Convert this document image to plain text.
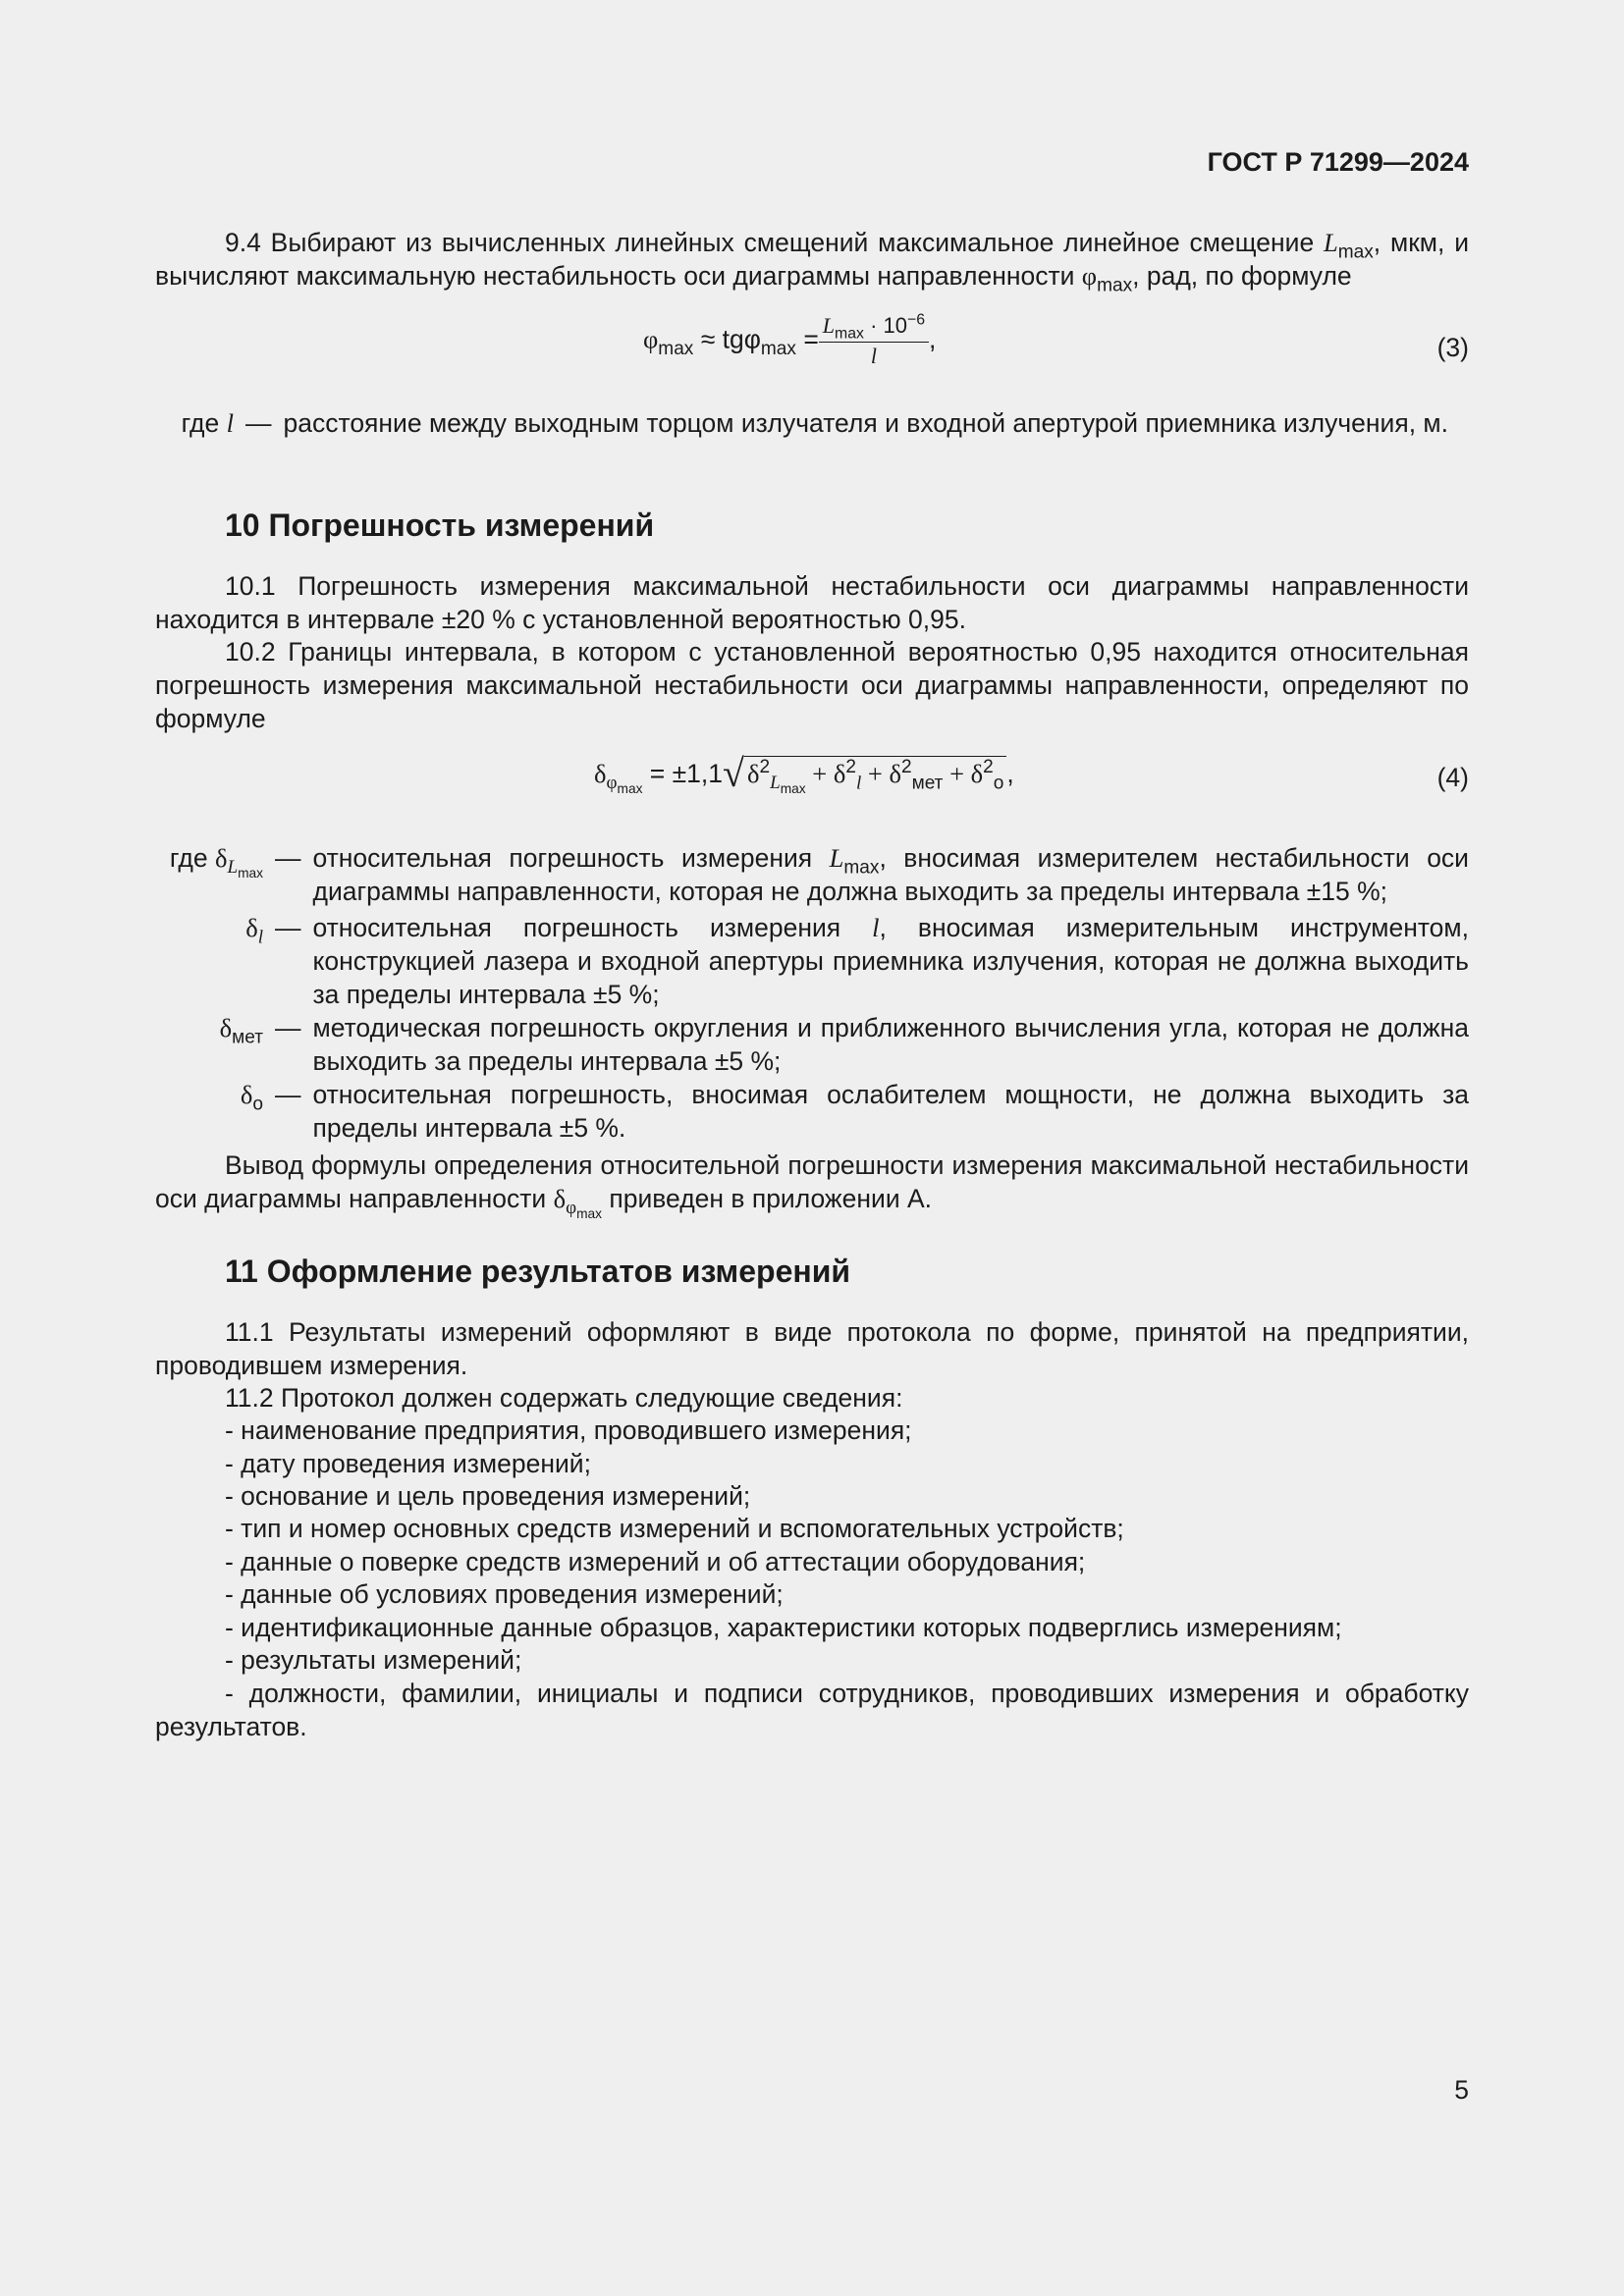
ГОСТ Р 71299—2024
9.4 Выбирают из вычисленных линейных смещений максимальное линейное смещение $L_{max}$, мкм, и вычисляют максимальную нестабильность оси диаграммы направленности $\varphi_{max}$, рад, по формуле
$\varphi_{max} \approx tg\varphi_{max} = \frac{L_{max} \cdot 10^{-6}}{l}$ ,	(3)
где l — расстояние между выходным торцом излучателя и входной апертурой приемника излучения, м.
10 Погрешность измерений
10.1 Погрешность измерения максимальной нестабильности оси диаграммы направленности находится в интервале ±20 % с установленной вероятностью 0,95.
10.2 Границы интервала, в котором с установленной вероятностью 0,95 находится относительная погрешность измерения максимальной нестабильности оси диаграммы направленности, определяют по формуле
$\delta_{\varphi_{max}} = \pm 1,1√$ $\delta^2_{L_{max}} + \delta^2_l + \delta^2_{мет} + \delta^2_о$ ,	(4)
где $\delta_{L_{max}}$
— относительная погрешность измерения $L_{max}$, вносимая измерителем нестабильности оси диаграммы направленности, которая не должна выходить за пределы интервала ±15 %;
$\delta_l$ — относительная погрешность измерения l, вносимая измерительным инструментом, конструкцией лазера и входной апертуры приемника излучения, которая не должна выходить за пределы интервала ±5 %;
$\delta_{мет}$ — методическая погрешность округления и приближенного вычисления угла, которая не должна выходить за пределы интервала ±5 %;
$\delta_о$ — относительная погрешность, вносимая ослабителем мощности, не должна выходить за пределы интервала ±5 %.
Вывод формулы определения относительной погрешности измерения максимальной нестабильности оси диаграммы направленности $\delta_{\varphi_{max}}$ приведен в приложении А.
11 Оформление результатов измерений
11.1 Результаты измерений оформляют в виде протокола по форме, принятой на предприятии, проводившем измерения.
11.2 Протокол должен содержать следующие сведения:
- наименование предприятия, проводившего измерения;
- дату проведения измерений;
- основание и цель проведения измерений;
- тип и номер основных средств измерений и вспомогательных устройств;
- данные о поверке средств измерений и об аттестации оборудования;
- данные об условиях проведения измерений;
- идентификационные данные образцов, характеристики которых подверглись измерениям;
- результаты измерений;
- должности, фамилии, инициалы и подписи сотрудников, проводивших измерения и обработку результатов.
5
